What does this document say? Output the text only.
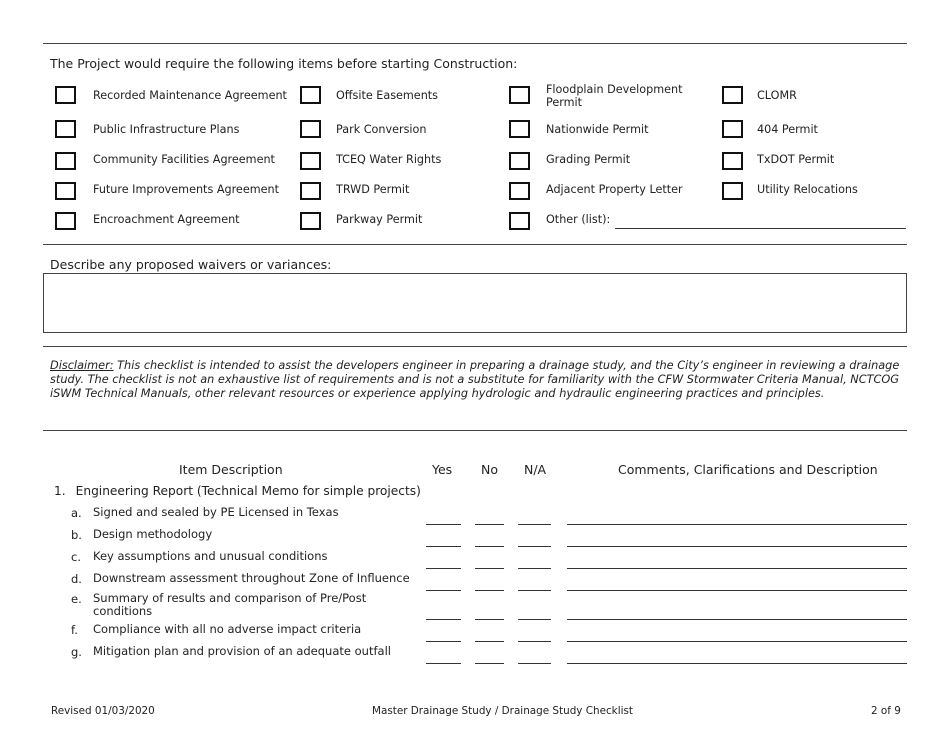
The Project would require the following items before starting Construction:
Recorded Maintenance Agreement
Public Infrastructure Plans
Community Facilities Agreement
Future Improvements Agreement
Encroachment Agreement
Offsite Easements
Park Conversion
TCEQ Water Rights
TRWD Permit
Parkway Permit
Floodplain Development Permit
Nationwide Permit
Grading Permit
Adjacent Property Letter
Other (list):
CLOMR
404 Permit
TxDOT Permit
Utility Relocations
Describe any proposed waivers or variances:
Disclaimer: This checklist is intended to assist the developers engineer in preparing a drainage study, and the City’s engineer in reviewing a drainage study. The checklist is not an exhaustive list of requirements and is not a substitute for familiarity with the CFW Stormwater Criteria Manual, NCTCOG iSWM Technical Manuals, other relevant resources or experience applying hydrologic and hydraulic engineering practices and principles.
Item Description	Yes No N/A	Comments, Clarifications and Description
1. Engineering Report (Technical Memo for simple projects)
a. Signed and sealed by PE Licensed in Texas
b. Design methodology
c. Key assumptions and unusual conditions
d. Downstream assessment throughout Zone of Influence
e. Summary of results and comparison of Pre/Post conditions
f. Compliance with all no adverse impact criteria
g. Mitigation plan and provision of an adequate outfall
Revised 01/03/2020	Master Drainage Study / Drainage Study Checklist	2 of 9
